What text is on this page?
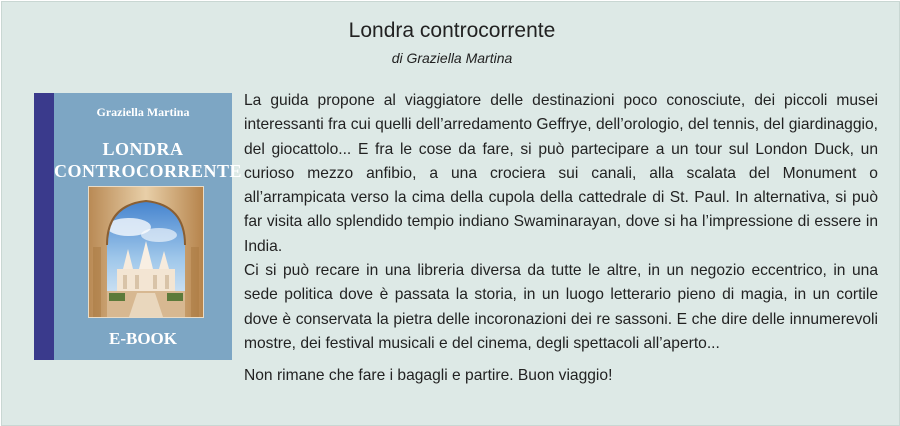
Londra controcorrente
di Graziella Martina
Graziella Martina
LONDRA
CONTROCORRENTE
E-BOOK

La guida propone al viaggiatore delle destinazioni poco conosciute, dei piccoli musei interessanti fra cui quelli dell’arredamento Geffrye, dell’orologio, del tennis, del giardinaggio, del giocattolo... E fra le cose da fare, si può partecipare a un tour sul London Duck, un curioso mezzo anfibio, a una crociera sui canali, alla scalata del Monument o all’arrampicata verso la cima della cupola della cattedrale di St. Paul. In alternativa, si può far visita allo splendido tempio indiano Swaminarayan, dove si ha l’impressione di essere in India.

Ci si può recare in una libreria diversa da tutte le altre, in un negozio eccentrico, in una sede politica dove è passata la storia, in un luogo letterario pieno di magia, in un cortile dove è conservata la pietra delle incoronazioni dei re sassoni. E che dire delle innumerevoli mostre, dei festival musicali e del cinema, degli spettacoli all’aperto...

Non rimane che fare i bagagli e partire. Buon viaggio!
